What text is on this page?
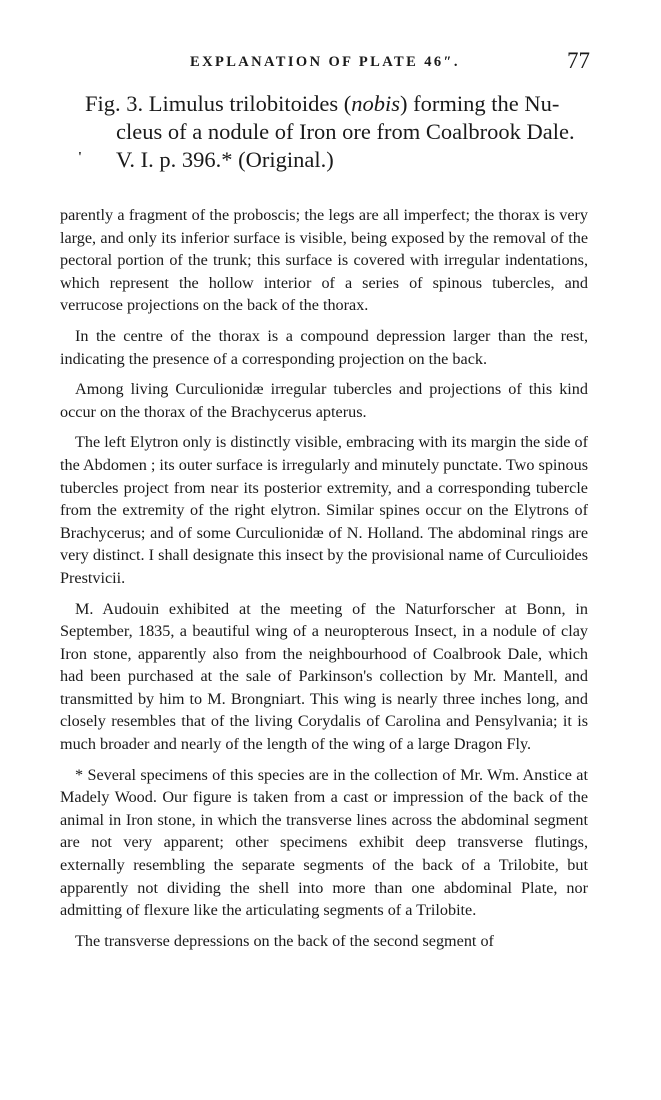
EXPLANATION OF PLATE 46″.	77
Fig. 3. Limulus trilobitoides (nobis) forming the Nu-
cleus of a nodule of Iron ore from Coalbrook Dale.
V. I. p. 396.* (Original.)
'

parently a fragment of the proboscis; the legs are all imperfect; the thorax is very large, and only its inferior surface is visible, being exposed by the removal of the pectoral portion of the trunk; this surface is covered with irregular indentations, which represent the hollow interior of a series of spinous tubercles, and verrucose projections on the back of the thorax.

In the centre of the thorax is a compound depression larger than the rest, indicating the presence of a corresponding projection on the back.

Among living Curculionidæ irregular tubercles and projections of this kind occur on the thorax of the Brachycerus apterus.

The left Elytron only is distinctly visible, embracing with its margin the side of the Abdomen ; its outer surface is irregularly and minutely punctate. Two spinous tubercles project from near its posterior extremity, and a corresponding tubercle from the extremity of the right elytron. Similar spines occur on the Elytrons of Brachycerus; and of some Curculionidæ of N. Holland. The abdominal rings are very distinct. I shall designate this insect by the provisional name of Curculioides Prestvicii.

M. Audouin exhibited at the meeting of the Naturforscher at Bonn, in September, 1835, a beautiful wing of a neuropterous Insect, in a nodule of clay Iron stone, apparently also from the neighbourhood of Coalbrook Dale, which had been purchased at the sale of Parkinson's collection by Mr. Mantell, and transmitted by him to M. Brongniart. This wing is nearly three inches long, and closely resembles that of the living Corydalis of Carolina and Pensylvania; it is much broader and nearly of the length of the wing of a large Dragon Fly.

* Several specimens of this species are in the collection of Mr. Wm. Anstice at Madely Wood. Our figure is taken from a cast or impression of the back of the animal in Iron stone, in which the transverse lines across the abdominal segment are not very apparent; other specimens exhibit deep transverse flutings, externally resembling the separate segments of the back of a Trilobite, but apparently not dividing the shell into more than one abdominal Plate, nor admitting of flexure like the articulating segments of a Trilobite.

The transverse depressions on the back of the second segment of
